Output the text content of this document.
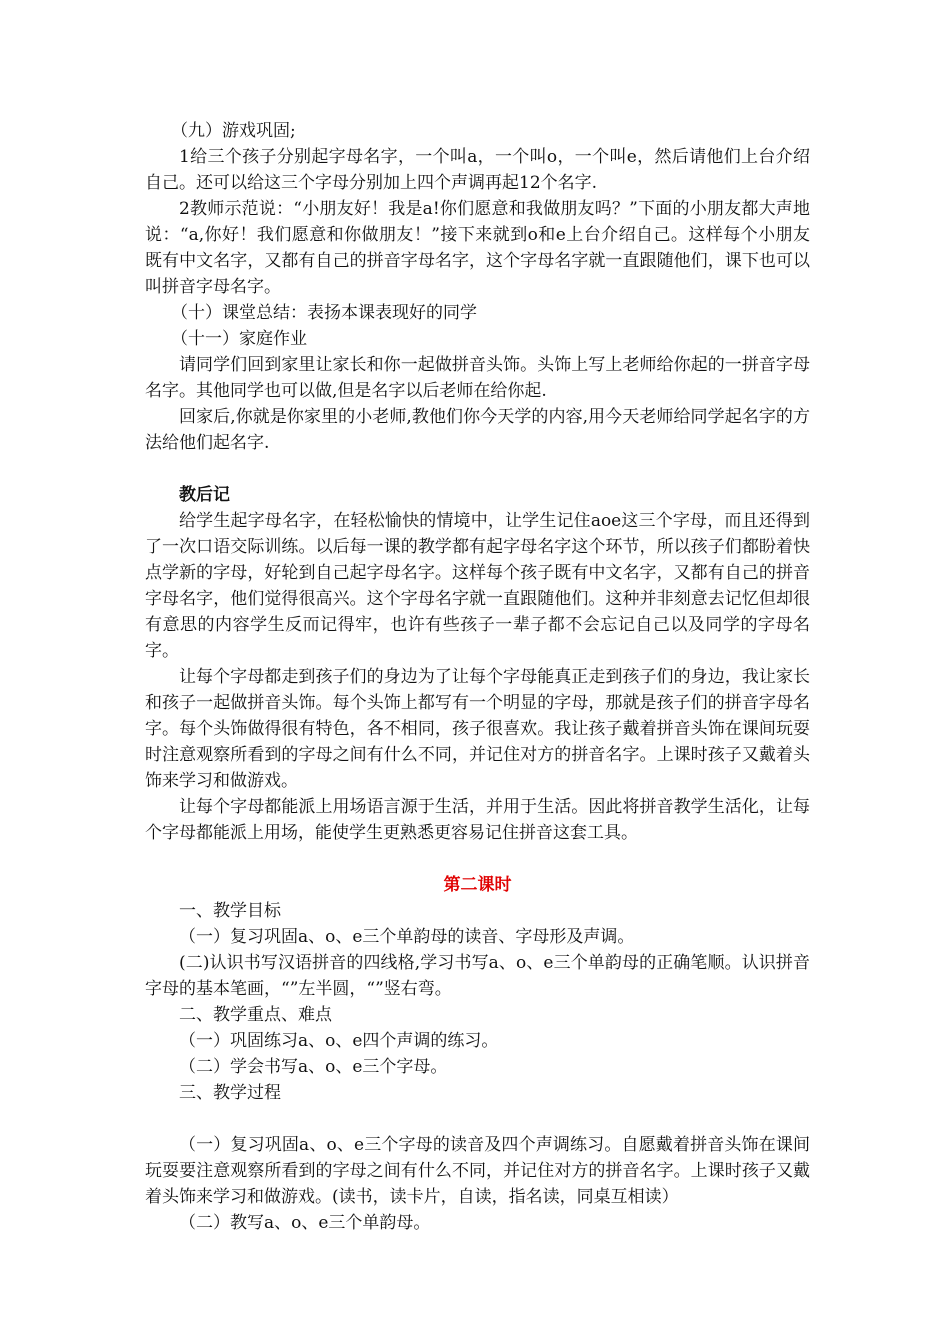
（九）游戏巩固;

1给三个孩子分别起字母名字，一个叫a，一个叫o，一个叫e，然后请他们上台介绍自己。还可以给这三个字母分别加上四个声调再起12个名字.

2教师示范说：“小朋友好！我是a!你们愿意和我做朋友吗？”下面的小朋友都大声地说：“a,你好！我们愿意和你做朋友！”接下来就到o和e上台介绍自己。这样每个小朋友既有中文名字，又都有自己的拼音字母名字，这个字母名字就一直跟随他们，课下也可以叫拼音字母名字。

（十）课堂总结：表扬本课表现好的同学

（十一）家庭作业

请同学们回到家里让家长和你一起做拼音头饰。头饰上写上老师给你起的一拼音字母名字。其他同学也可以做,但是名字以后老师在给你起.

回家后,你就是你家里的小老师,教他们你今天学的内容,用今天老师给同学起名字的方法给他们起名字.

教后记

给学生起字母名字，在轻松愉快的情境中，让学生记住aoe这三个字母，而且还得到了一次口语交际训练。以后每一课的教学都有起字母名字这个环节，所以孩子们都盼着快点学新的字母，好轮到自己起字母名字。这样每个孩子既有中文名字，又都有自己的拼音字母名字，他们觉得很高兴。这个字母名字就一直跟随他们。这种并非刻意去记忆但却很有意思的内容学生反而记得牢，也许有些孩子一辈子都不会忘记自己以及同学的字母名字。

让每个字母都走到孩子们的身边为了让每个字母能真正走到孩子们的身边，我让家长和孩子一起做拼音头饰。每个头饰上都写有一个明显的字母，那就是孩子们的拼音字母名字。每个头饰做得很有特色，各不相同，孩子很喜欢。我让孩子戴着拼音头饰在课间玩耍时注意观察所看到的字母之间有什么不同，并记住对方的拼音名字。上课时孩子又戴着头饰来学习和做游戏。

让每个字母都能派上用场语言源于生活，并用于生活。因此将拼音教学生活化，让每个字母都能派上用场，能使学生更熟悉更容易记住拼音这套工具。

第二课时

一、教学目标

（一）复习巩固a、o、e三个单韵母的读音、字母形及声调。

(二)认识书写汉语拼音的四线格,学习书写a、o、e三个单韵母的正确笔顺。认识拼音字母的基本笔画，“”左半圆，“”竖右弯。

二、教学重点、难点

（一）巩固练习a、o、e四个声调的练习。

（二）学会书写a、o、e三个字母。

三、教学过程

（一）复习巩固a、o、e三个字母的读音及四个声调练习。自愿戴着拼音头饰在课间玩耍要注意观察所看到的字母之间有什么不同，并记住对方的拼音名字。上课时孩子又戴着头饰来学习和做游戏。(读书，读卡片，自读，指名读，同桌互相读）

（二）教写a、o、e三个单韵母。
